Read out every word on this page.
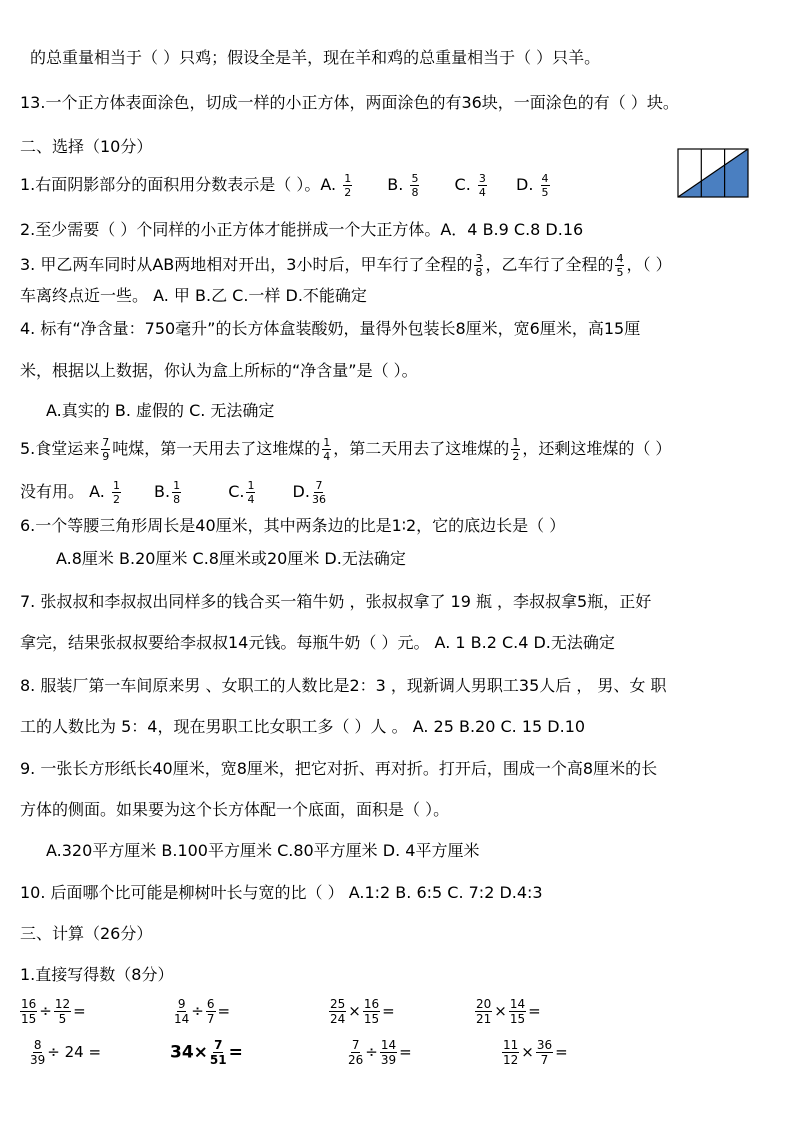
的总重量相当于（ ）只鸡；假设全是羊，现在羊和鸡的总重量相当于（ ）只羊。
13.一个正方体表面涂色，切成一样的小正方体，两面涂色的有36块，一面涂色的有（ ）块。
二、选择（10分）
1.右面阴影部分的面积用分数表示是（ ）。A. $\frac{1}{2} B$. $\frac{5}{8} C$. $\frac{3}{4} D$. $\frac{4}{5}$
2.至少需要（ ）个同样的小正方体才能拼成一个大正方体。A．4 B.9 C.8 D.16
3. 甲乙两车同时从AB两地相对开出，3小时后，甲车行了全程的 $\frac{3}{8}$ ，乙车行了全程的 $\frac{4}{5}$ ，（ ）
车离终点近一些。 A. 甲 B.乙 C.一样 D.不能确定
4. 标有“净含量：750毫升”的长方体盒装酸奶，量得外包装长8厘米，宽6厘米，高15厘
米，根据以上数据，你认为盒上所标的“净含量”是（ ）。
A.真实的 B. 虚假的 C. 无法确定
5.食堂运来 $\frac{7}{9}$ 吨煤，第一天用去了这堆煤的 $\frac{1}{4}$ ，第二天用去了这堆煤的 $\frac{1}{2}$ ，还剩这堆煤的（ ）
没有用。 A. $\frac{1}{2} B$. $\frac{1}{8}$	C. $\frac{1}{4} D$. $\frac{7}{36}$
6.一个等腰三角形周长是40厘米，其中两条边的比是1∶2，它的底边长是（ ）
A.8厘米 B.20厘米 C.8厘米或20厘米 D.无法确定
7. 张叔叔和李叔叔出同样多的钱合买一箱牛奶 ，张叔叔拿了 19 瓶 ，李叔叔拿5瓶，正好
拿完，结果张叔叔要给李叔叔14元钱。每瓶牛奶（ ）元。 A. 1 B.2 C.4 D.无法确定
8. 服装厂第一车间原来男 、女职工的人数比是2：3 ，现新调人男职工35人后 ， 男、女 职
工的人数比为 5：4，现在男职工比女职工多（ ）人 。 A. 25 B.20 C. 15 D.10
9. 一张长方形纸长40厘米，宽8厘米，把它对折、再对折。打开后，围成一个高8厘米的长
方体的侧面。如果要为这个长方体配一个底面，面积是（ ）。
A.320平方厘米 B.100平方厘米 C.80平方厘米 D. 4平方厘米
10. 后面哪个比可能是柳树叶长与宽的比（ ） A.1:2 B. 6:5 C. 7:2 D.4:3
三、计算（26分）
1.直接写得数（8分）
$\frac{16}{15} \div \frac{12}{5}$ =	$\frac{9}{14} \div \frac{6}{7}$ =	$\frac{25}{24} \times \frac{16}{15}$ =	$\frac{20}{21} \times \frac{14}{15}$ =
$\frac{8}{39} \div 24$ =	$34\times \frac{7}{51}$ =	$\frac{7}{26} \div \frac{14}{39}$ =	$\frac{11}{12} \times \frac{36}{7}$ =
